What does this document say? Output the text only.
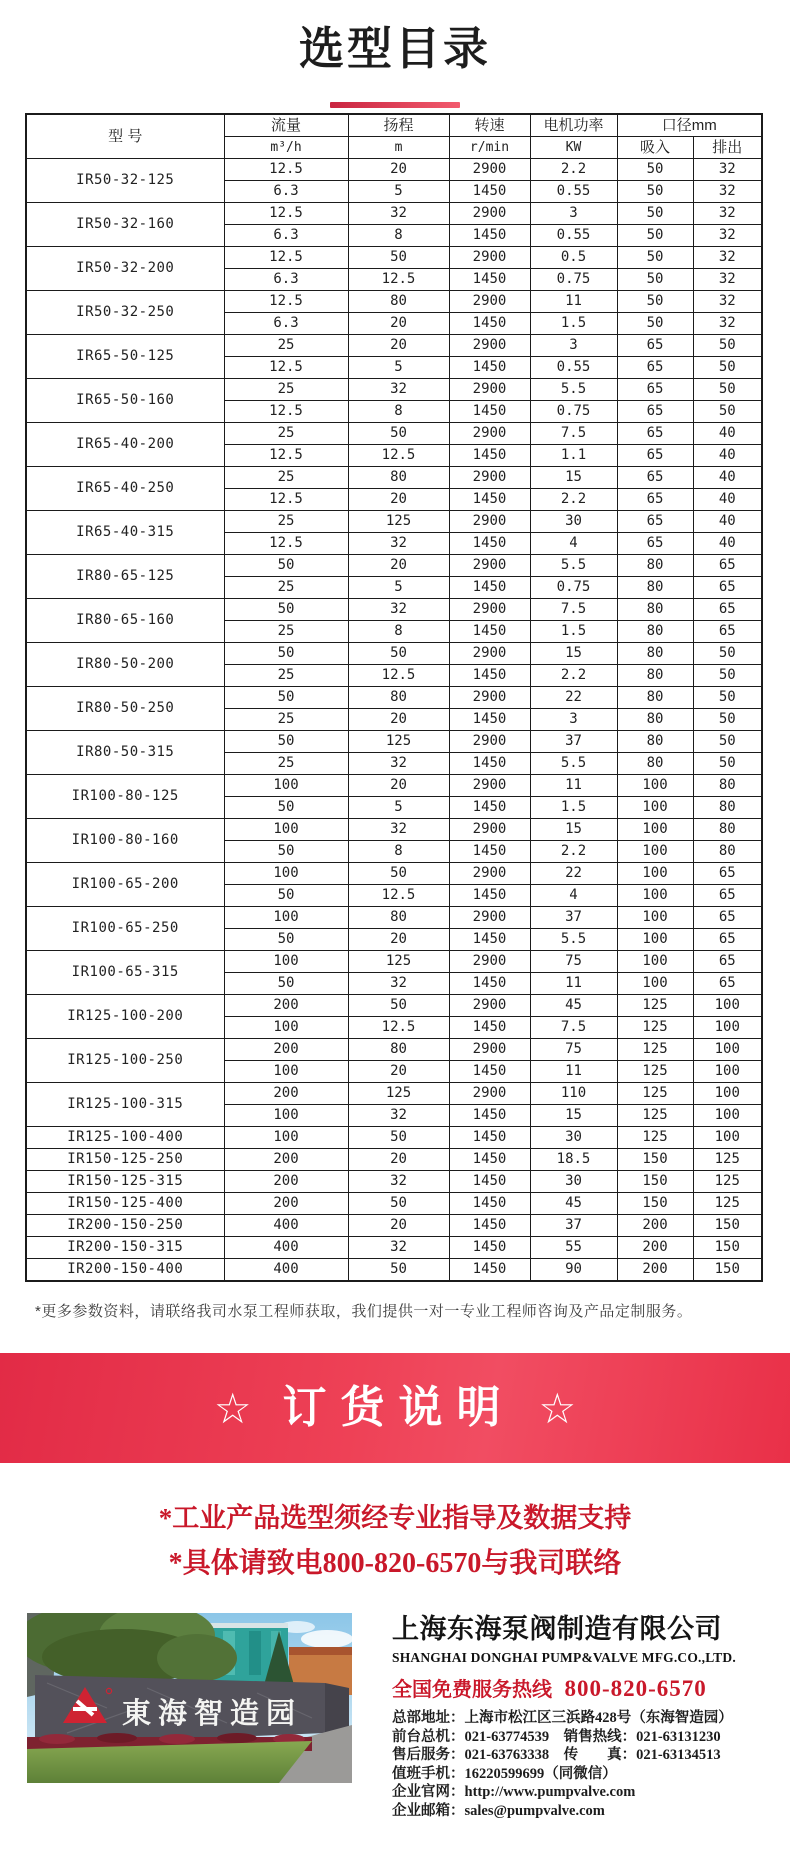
选型目录
型 号	流量	扬程	转速	电机功率	口径mm	
	m³/h	m	r/min	KW	吸入	排出
IR50-32-125	12.5	20	2900	2.2	50	32
	6.3	5	1450	0.55	50	32
IR50-32-160	12.5	32	2900	3	50	32
	6.3	8	1450	0.55	50	32
IR50-32-200	12.5	50	2900	0.5	50	32
	6.3	12.5	1450	0.75	50	32
IR50-32-250	12.5	80	2900	11	50	32
	6.3	20	1450	1.5	50	32
IR65-50-125	25	20	2900	3	65	50
	12.5	5	1450	0.55	65	50
IR65-50-160	25	32	2900	5.5	65	50
	12.5	8	1450	0.75	65	50
IR65-40-200	25	50	2900	7.5	65	40
	12.5	12.5	1450	1.1	65	40
IR65-40-250	25	80	2900	15	65	40
	12.5	20	1450	2.2	65	40
IR65-40-315	25	125	2900	30	65	40
	12.5	32	1450	4	65	40
IR80-65-125	50	20	2900	5.5	80	65
	25	5	1450	0.75	80	65
IR80-65-160	50	32	2900	7.5	80	65
	25	8	1450	1.5	80	65
IR80-50-200	50	50	2900	15	80	50
	25	12.5	1450	2.2	80	50
IR80-50-250	50	80	2900	22	80	50
	25	20	1450	3	80	50
IR80-50-315	50	125	2900	37	80	50
	25	32	1450	5.5	80	50
IR100-80-125	100	20	2900	11	100	80
	50	5	1450	1.5	100	80
IR100-80-160	100	32	2900	15	100	80
	50	8	1450	2.2	100	80
IR100-65-200	100	50	2900	22	100	65
	50	12.5	1450	4	100	65
IR100-65-250	100	80	2900	37	100	65
	50	20	1450	5.5	100	65
IR100-65-315	100	125	2900	75	100	65
	50	32	1450	11	100	65
IR125-100-200	200	50	2900	45	125	100
	100	12.5	1450	7.5	125	100
IR125-100-250	200	80	2900	75	125	100
	100	20	1450	11	125	100
IR125-100-315	200	125	2900	110	125	100
	100	32	1450	15	125	100
IR125-100-400	100	50	1450	30	125	100
IR150-125-250	200	20	1450	18.5	150	125
IR150-125-315	200	32	1450	30	150	125
IR150-125-400	200	50	1450	45	150	125
IR200-150-250	400	20	1450	37	200	150
IR200-150-315	400	32	1450	55	200	150
IR200-150-400	400	50	1450	90	200	150
*更多参数资料，请联络我司水泵工程师获取，我们提供一对一专业工程师咨询及产品定制服务。
☆ 订货说明 ☆
*工业产品选型须经专业指导及数据支持
*具体请致电800-820-6570与我司联络
東海智造园
上海东海泵阀制造有限公司
SHANGHAI DONGHAI PUMP&VALVE MFG.CO.,LTD.
全国免费服务热线 800-820-6570
总部地址：上海市松江区三浜路428号（东海智造园）
前台总机：021-63774539　销售热线：021-63131230
售后服务：021-63763338　传　　真：021-63134513
值班手机：16220599699（同微信）
企业官网：http://www.pumpvalve.com
企业邮箱：sales@pumpvalve.com
